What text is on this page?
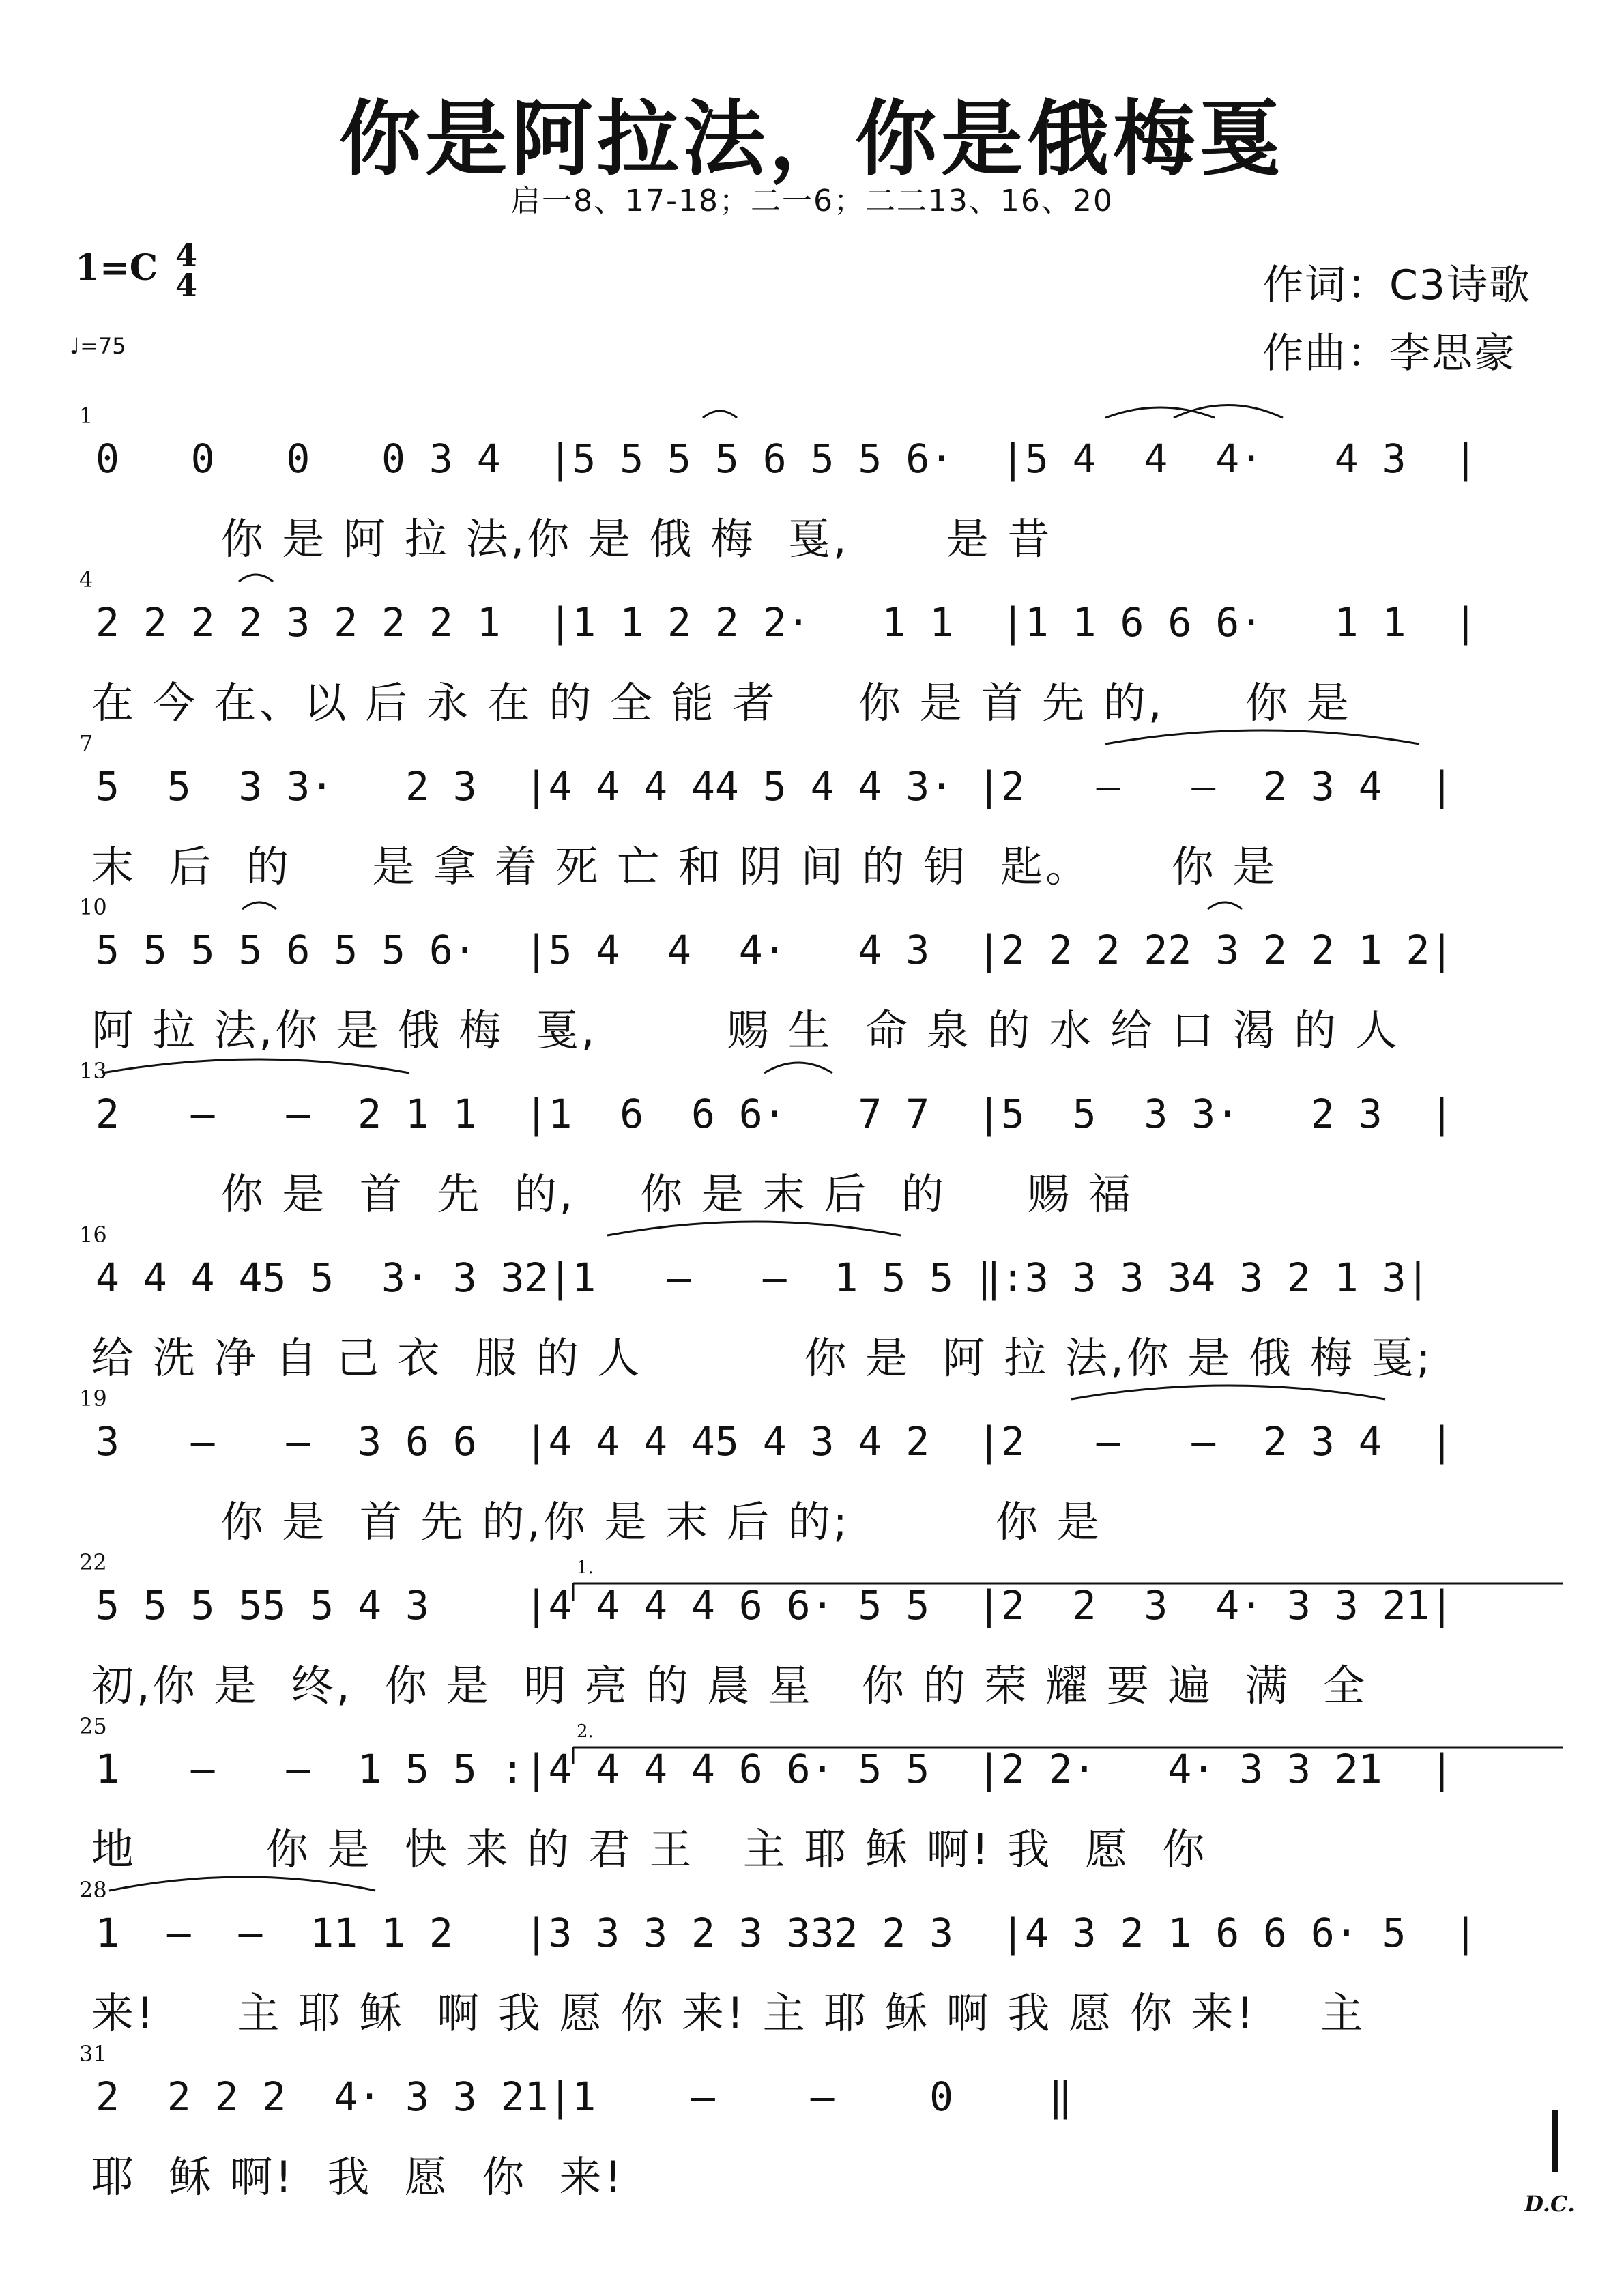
你是阿拉法，你是俄梅戛
启一8、17-18；二一6；二二13、16、20
1=C 4
4
♩=75
作词：C3诗歌
作曲：李思豪
1
0   0   0   0 3 4  |5 5 5 5 6 5 5 6·  |5 4  4  4·   4 3  |
你 是 阿 拉 法,你 是 俄 梅  戛,      是 昔
4
2 2 2 2 3 2 2 2 1  |1 1 2 2 2·   1 1  |1 1 6 6 6·   1 1  |
在 今 在、以 后 永 在 的 全 能 者     你 是 首 先 的,     你 是
7
5  5  3 3·   2 3  |4 4 4 44 5 4 4 3· |2   –   –  2 3 4  |
末  后  的     是 拿 着 死 亡 和 阴 间 的 钥  匙。     你 是
10
5 5 5 5 6 5 5 6·  |5 4  4  4·   4 3  |2 2 2 22 3 2 2 1 2|
阿 拉 法,你 是 俄 梅  戛,        赐 生  命 泉 的 水 给 口 渴 的 人
13
2   –   –  2 1 1  |1  6  6 6·   7 7  |5  5  3 3·   2 3  |
你 是  首  先  的,    你 是 末 后  的     赐 福
16
4 4 4 45 5  3· 3 32|1   –   –  1 5 5 ‖:3 3 3 34 3 2 1 3|
给 洗 净 自 己 衣  服 的 人          你 是  阿 拉 法,你 是 俄 梅 戛;
19
3   –   –  3 6 6  |4 4 4 45 4 3 4 2  |2   –   –  2 3 4  |
你 是  首 先 的,你 是 末 后 的;         你 是
22
5 5 5 55 5 4 3    |4 4 4 4 6 6· 5 5  |2  2  3  4· 3 3 21|
初,你 是  终,  你 是  明 亮 的 晨 星   你 的 荣 耀 要 遍  满  全
1.
25
1   –   –  1 5 5 :|4 4 4 4 6 6· 5 5  |2 2·   4· 3 3 21  |
地        你 是  快 来 的 君 王   主 耶 稣 啊! 我  愿  你
2.
28
1  –  –  11 1 2   |3 3 3 2 3 332 2 3  |4 3 2 1 6 6 6· 5  |
来!     主 耶 稣  啊 我 愿 你 来! 主 耶 稣 啊 我 愿 你 来!    主
31
2  2 2 2  4· 3 3 21|1    –    –    0    ‖
耶  稣 啊!  我  愿  你  来!
D.C.
